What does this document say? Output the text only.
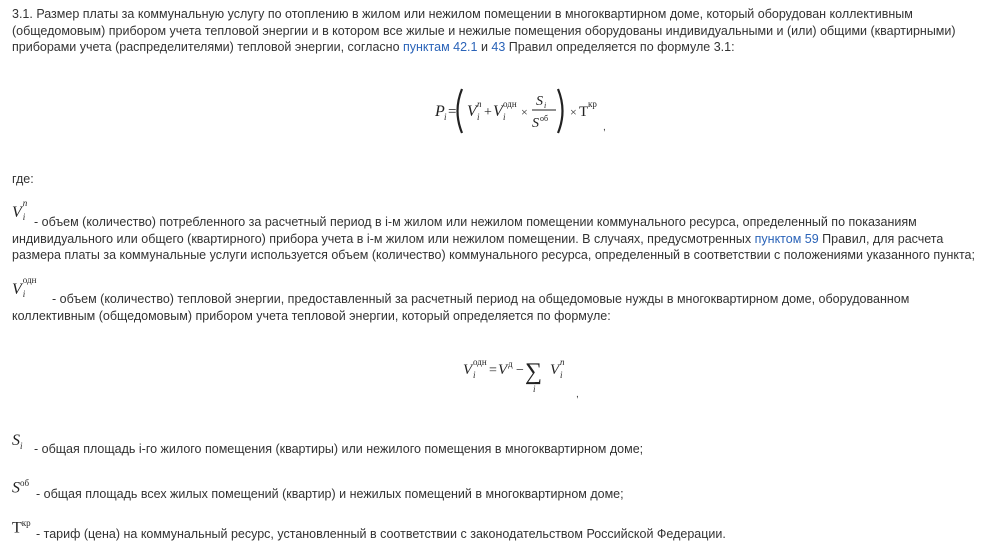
3.1. Размер платы за коммунальную услугу по отоплению в жилом или нежилом помещении в многоквартирном доме, который оборудован коллективным (общедомовым) прибором учета тепловой энергии и в котором все жилые и нежилые помещения оборудованы индивидуальными и (или) общими (квартирными) приборами учета (распределителями) тепловой энергии, согласно пунктам 42.1 и 43 Правил определяется по формуле 3.1:
P i = V n
i + V одн
i ×
S i
S об × Т кр
,
где:
V
n
i - объем (количество) потребленного за расчетный период в i-м жилом или нежилом помещении коммунального ресурса, определенный по показаниям индивидуального или общего (квартирного) прибора учета в i-м жилом или нежилом помещении. В случаях, предусмотренных пунктом 59 Правил, для расчета размера платы за коммунальные услуги используется объем (количество) коммунального ресурса, определенный в соответствии с положениями указанного пункта;
V
одн
i	- объем (количество) тепловой энергии, предоставленный за расчетный период на общедомовые нужды в многоквартирном доме, оборудованном коллективным (общедомовым) прибором учета тепловой энергии, который определяется по формуле:
V одн
i = V д − ∑
i
V n
i
,
$S_i$ - общая площадь i-го жилого помещения (квартиры) или нежилого помещения в многоквартирном доме;
$S^{об}$
- общая площадь всех жилых помещений (квартир) и нежилых помещений в многоквартирном доме;
$Т^{кр}$
- тариф (цена) на коммунальный ресурс, установленный в соответствии с законодательством Российской Федерации.
